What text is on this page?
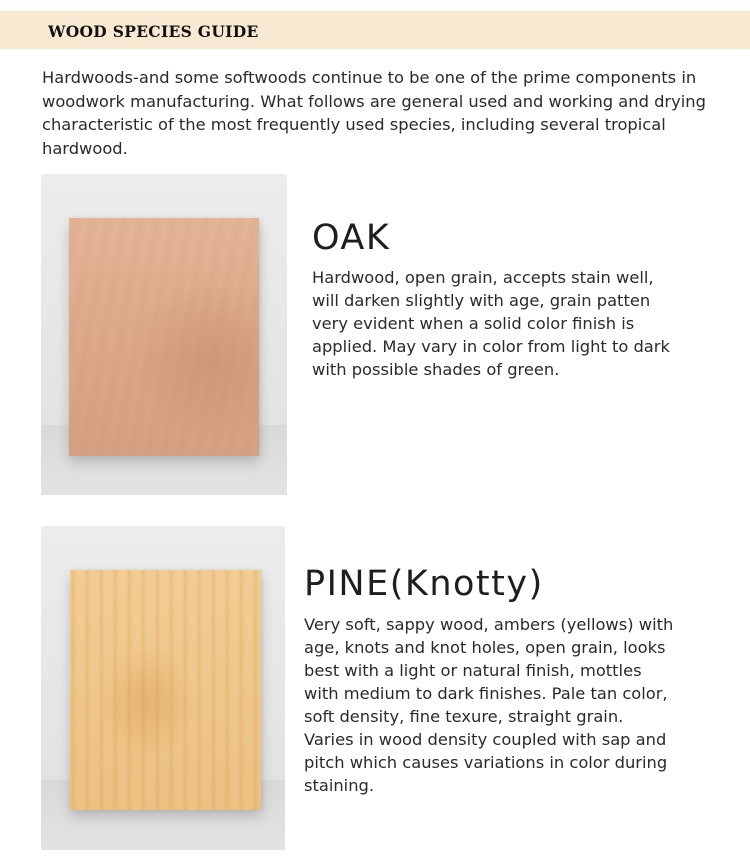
WOOD SPECIES GUIDE

Hardwoods-and some softwoods continue to be one of the prime components in woodwork manufacturing. What follows are general used and working and drying characteristic of the most frequently used species, including several tropical hardwood.

OAK

Hardwood, open grain, accepts stain well, will darken slightly with age, grain patten very evident when a solid color finish is applied. May vary in color from light to dark with possible shades of green.

PINE(Knotty)

Very soft, sappy wood, ambers (yellows) with age, knots and knot holes, open grain, looks best with a light or natural finish, mottles with medium to dark finishes. Pale tan color, soft density, fine texure, straight grain. Varies in wood density coupled with sap and pitch which causes variations in color during staining.
